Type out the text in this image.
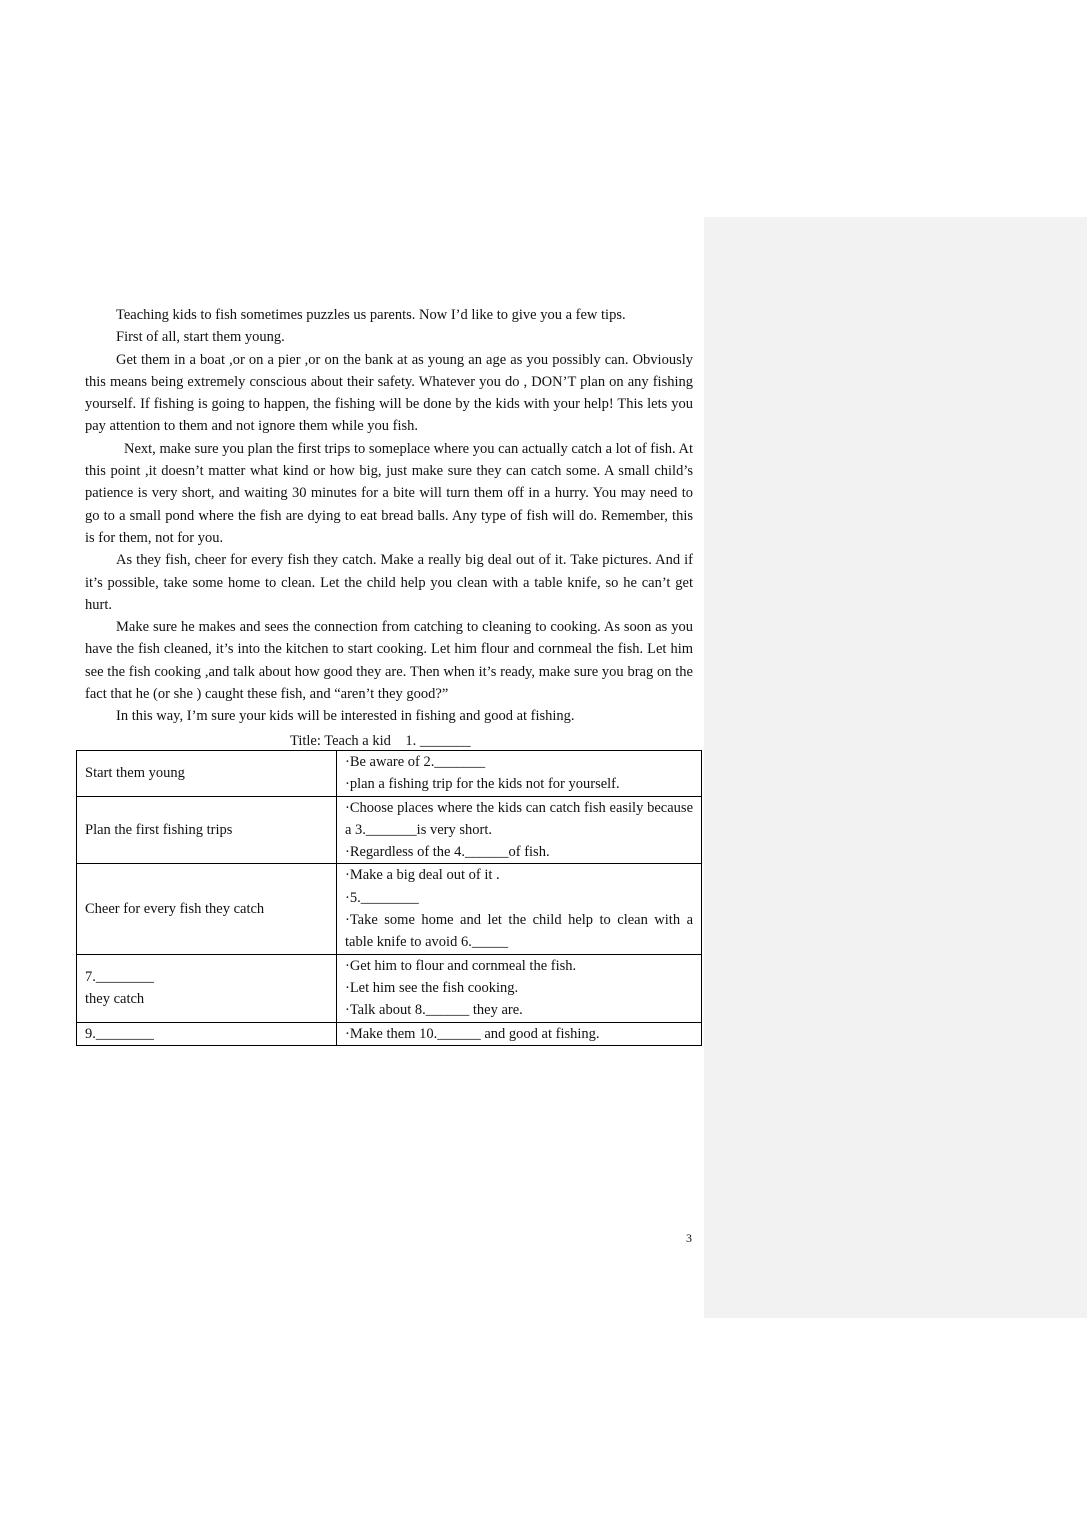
Teaching kids to fish sometimes puzzles us parents. Now I’d like to give you a few tips.

First of all, start them young.

Get them in a boat ,or on a pier ,or on the bank at as young an age as you possibly can. Obviously this means being extremely conscious about their safety. Whatever you do , DON’T plan on any fishing yourself. If fishing is going to happen, the fishing will be done by the kids with your help! This lets you pay attention to them and not ignore them while you fish.

Next, make sure you plan the first trips to someplace where you can actually catch a lot of fish. At this point ,it doesn’t matter what kind or how big, just make sure they can catch some. A small child’s patience is very short, and waiting 30 minutes for a bite will turn them off in a hurry. You may need to go to a small pond where the fish are dying to eat bread balls. Any type of fish will do. Remember, this is for them, not for you.

As they fish, cheer for every fish they catch. Make a really big deal out of it. Take pictures. And if it’s possible, take some home to clean. Let the child help you clean with a table knife, so he can’t get hurt.

Make sure he makes and sees the connection from catching to cleaning to cooking. As soon as you have the fish cleaned, it’s into the kitchen to start cooking. Let him flour and cornmeal the fish. Let him see the fish cooking ,and talk about how good they are. Then when it’s ready, make sure you brag on the fact that he (or she ) caught these fish, and “aren’t they good?”

In this way, I’m sure your kids will be interested in fishing and good at fishing.

Title: Teach a kid    1. _______
Start them young	·Be aware of 2._______
·plan a fishing trip for the kids not for yourself.

Plan the first fishing trips	·Choose places where the kids can catch fish easily because a 3._______is very short.
·Regardless of the 4.______of fish.

Cheer for every fish they catch	·Make a big deal out of it .
·5.________
·Take some home and let the child help to clean with a table knife to avoid 6._____

7.________
they catch	·Get him to flour and cornmeal the fish.
·Let him see the fish cooking.
·Talk about 8.______ they are.

9.________	·Make them 10.______ and good at fishing.
3
